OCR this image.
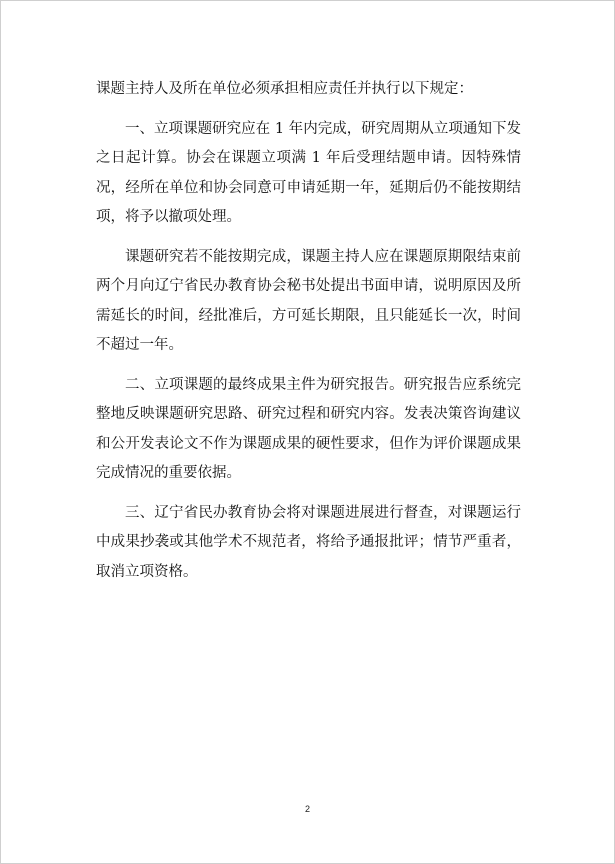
课题主持人及所在单位必须承担相应责任并执行以下规定：

一、立项课题研究应在 1 年内完成，研究周期从立项通知下发之日起计算。协会在课题立项满 1 年后受理结题申请。因特殊情况，经所在单位和协会同意可申请延期一年，延期后仍不能按期结项，将予以撤项处理。

课题研究若不能按期完成，课题主持人应在课题原期限结束前两个月向辽宁省民办教育协会秘书处提出书面申请，说明原因及所需延长的时间，经批准后，方可延长期限，且只能延长一次，时间不超过一年。

二、立项课题的最终成果主件为研究报告。研究报告应系统完整地反映课题研究思路、研究过程和研究内容。发表决策咨询建议和公开发表论文不作为课题成果的硬性要求，但作为评价课题成果完成情况的重要依据。

三、辽宁省民办教育协会将对课题进展进行督查，对课题运行中成果抄袭或其他学术不规范者，将给予通报批评；情节严重者，取消立项资格。

2
